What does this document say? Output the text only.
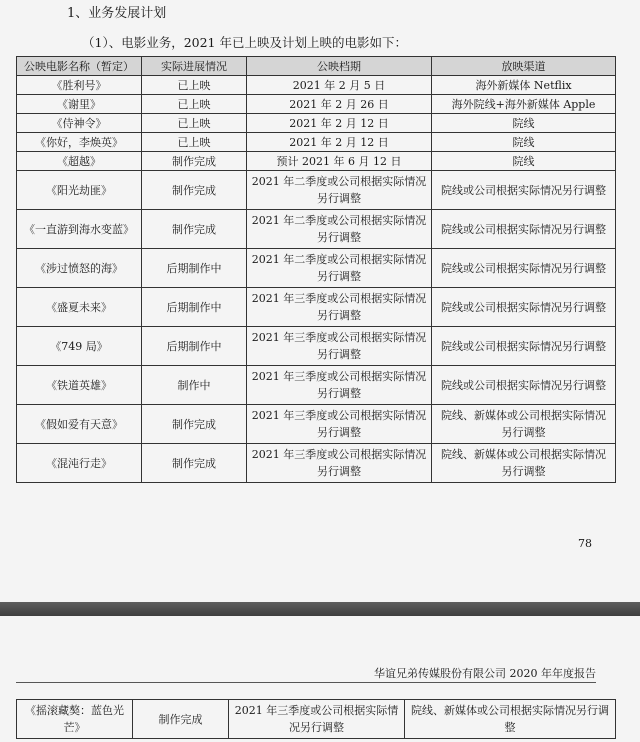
1、业务发展计划
（1）、电影业务，2021 年已上映及计划上映的电影如下：
公映电影名称（暂定）	实际进展情况	公映档期	放映渠道
《胜利号》	已上映	2021 年 2 月 5 日	海外新媒体 Netflix
《谢里》	已上映	2021 年 2 月 26 日	海外院线+海外新媒体 Apple
《侍神令》	已上映	2021 年 2 月 12 日	院线
《你好，李焕英》	已上映	2021 年 2 月 12 日	院线
《超越》	制作完成	预计 2021 年 6 月 12 日	院线
《阳光劫匪》	制作完成	2021 年二季度或公司根据实际情况另行调整	院线或公司根据实际情况另行调整
《一直游到海水变蓝》	制作完成	2021 年二季度或公司根据实际情况另行调整	院线或公司根据实际情况另行调整
《涉过愤怒的海》	后期制作中	2021 年二季度或公司根据实际情况另行调整	院线或公司根据实际情况另行调整
《盛夏未来》	后期制作中	2021 年三季度或公司根据实际情况另行调整	院线或公司根据实际情况另行调整
《749 局》	后期制作中	2021 年三季度或公司根据实际情况另行调整	院线或公司根据实际情况另行调整
《铁道英雄》	制作中	2021 年三季度或公司根据实际情况另行调整	院线或公司根据实际情况另行调整
《假如爱有天意》	制作完成	2021 年三季度或公司根据实际情况另行调整	院线、新媒体或公司根据实际情况另行调整
《混沌行走》	制作完成	2021 年三季度或公司根据实际情况另行调整	院线、新媒体或公司根据实际情况另行调整
78
华谊兄弟传媒股份有限公司 2020 年年度报告
《摇滚藏獒：蓝色光芒》	制作完成	2021 年三季度或公司根据实际情况另行调整	院线、新媒体或公司根据实际情况另行调整
